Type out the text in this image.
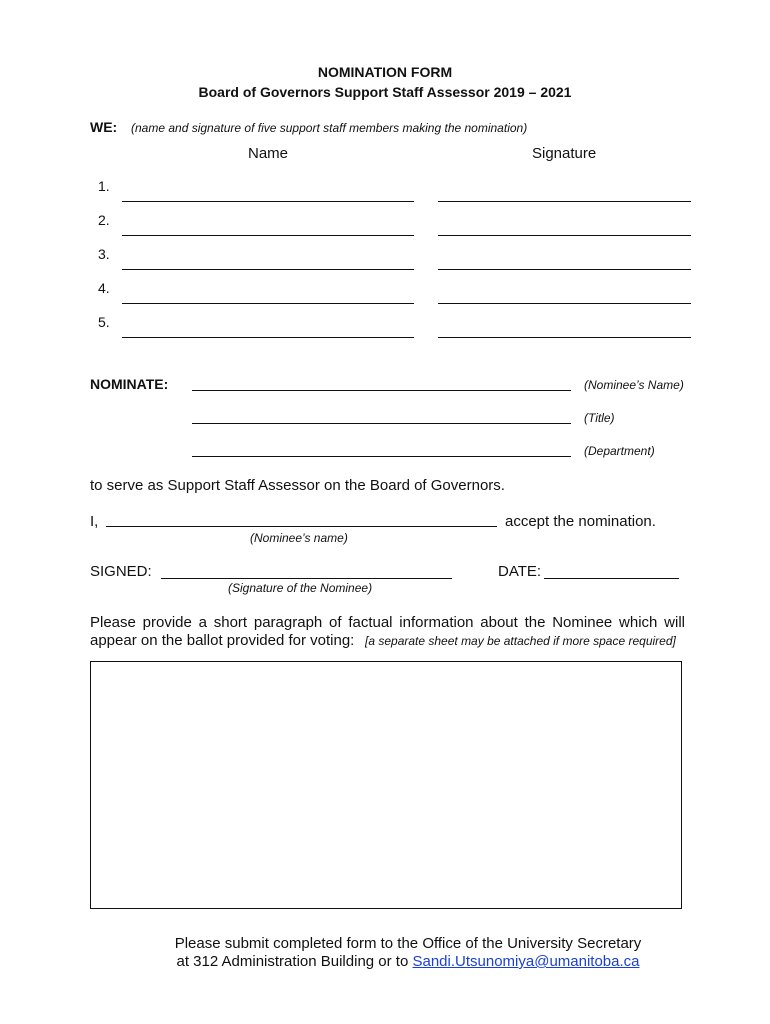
NOMINATION FORM
Board of Governors Support Staff Assessor 2019 – 2021
WE: (name and signature of five support staff members making the nomination)
Name	Signature
1.
2.
3.
4.
5.
NOMINATE:	(Nominee’s Name)
(Title)
(Department)
to serve as Support Staff Assessor on the Board of Governors.
I,	accept the nomination.
(Nominee’s name)
SIGNED:
(Signature of the Nominee)
DATE:
Please provide a short paragraph of factual information about the Nominee which will
appear on the ballot provided for voting: [a separate sheet may be attached if more space required]
Please submit completed form to the Office of the University Secretary
at 312 Administration Building or to Sandi.Utsunomiya@umanitoba.ca
